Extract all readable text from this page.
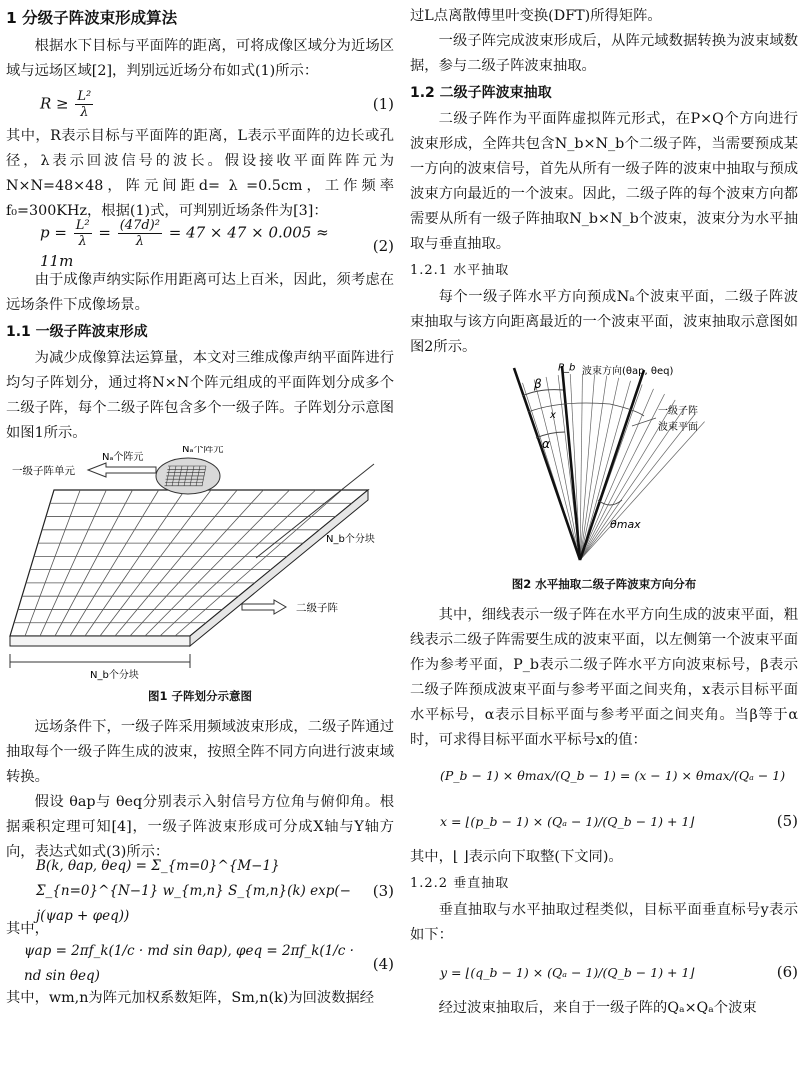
1 分级子阵波束形成算法

根据水下目标与平面阵的距离，可将成像区域分为近场区域与远场区域[2]，判别远近场分布如式(1)所示：

$R \ge \frac{\text{L²}}{\lambda}$	(1)

其中，R表示目标与平面阵的距离，L表示平面阵的边长或孔径，λ表示回波信号的波长。假设接收平面阵阵元为N×N=48×48，阵元间距d= λ =0.5cm，工作频率f₀=300KHz，根据(1)式，可判别近场条件为[3]：

$p = \frac{\text{L²}}{\lambda} = \frac{\text{(47d)²}}{\lambda} = 47 \times 47 \times 0.005 \approx 11m$
(2)

由于成像声纳实际作用距离可达上百米，因此，须考虑在远场条件下成像场景。

1.1 一级子阵波束形成

为减少成像算法运算量，本文对三维成像声纳平面阵进行均匀子阵划分，通过将N×N个阵元组成的平面阵划分成多个二级子阵，每个二级子阵包含多个一级子阵。子阵划分示意图如图1所示。

Nₐ个阵元
Nₐ个阵元
一级子阵单元
N_b个分块
二级子阵
N_b个分块
图1 子阵划分示意图

远场条件下，一级子阵采用频域波束形成，二级子阵通过抽取每个一级子阵生成的波束，按照全阵不同方向进行波束域转换。

假设 θap与 θeq分别表示入射信号方位角与俯仰角。根据乘积定理可知[4]，一级子阵波束形成可分成X轴与Y轴方向，表达式如式(3)所示：

B(k, θap, θeq) = Σ_{m=0}^{M−1} Σ_{n=0}^{N−1} w_{m,n} S_{m,n}(k) exp(− j(ψap + φeq))
(3)

其中，

ψap = 2πf_k(1/c · md sin θap), φeq = 2πf_k(1/c · nd sin θeq)
(4)

其中，wm,n为阵元加权系数矩阵，Sm,n(k)为回波数据经

过L点离散傅里叶变换(DFT)所得矩阵。

一级子阵完成波束形成后，从阵元域数据转换为波束域数据，参与二级子阵波束抽取。

1.2 二级子阵波束抽取

二级子阵作为平面阵虚拟阵元形式，在P×Q个方向进行波束形成，全阵共包含N_b×N_b个二级子阵，当需要预成某一方向的波束信号，首先从所有一级子阵的波束中抽取与预成波束方向最近的一个波束。因此，二级子阵的每个波束方向都需要从所有一级子阵抽取N_b×N_b个波束，波束分为水平抽取与垂直抽取。

1.2.1 水平抽取

每个一级子阵水平方向预成Nₐ个波束平面，二级子阵波束抽取与该方向距离最近的一个波束平面，波束抽取示意图如图2所示。

P_b 波束方向(θap, θeq)
β
x
α
一级子阵
波束平面
θmax
图2 水平抽取二级子阵波束方向分布

其中，细线表示一级子阵在水平方向生成的波束平面，粗线表示二级子阵需要生成的波束平面，以左侧第一个波束平面作为参考平面，P_b表示二级子阵水平方向波束标号，β表示二级子阵预成波束平面与参考平面之间夹角，x表示目标平面水平标号，α表示目标平面与参考平面之间夹角。当β等于α时，可求得目标平面水平标号x的值：

(P_b − 1) × θmax/(Q_b − 1) = (x − 1) × θmax/(Qₐ − 1)
x = ⌊(p_b − 1) × (Qₐ − 1)/(Q_b − 1) + 1⌋	(5)

其中，⌊ ⌋表示向下取整(下文同)。

1.2.2 垂直抽取

垂直抽取与水平抽取过程类似，目标平面垂直标号y表示如下：

y = ⌊(q_b − 1) × (Qₐ − 1)/(Q_b − 1) + 1⌋	(6)

经过波束抽取后，来自于一级子阵的Qₐ×Qₐ个波束
